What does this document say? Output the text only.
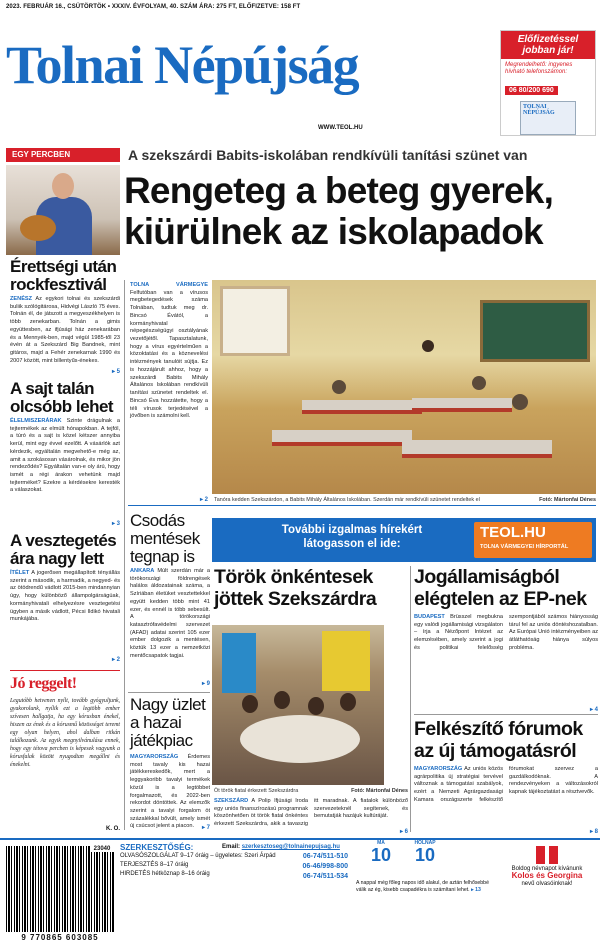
2023. FEBRUÁR 16., CSÜTÖRTÖK • XXXIV. ÉVFOLYAM, 40. SZÁM ÁRA: 275 FT, ELŐFIZETVE: 158 FT
Tolnai Népújság
WWW.TEOL.HU
Előfizetéssel jobban jár!
Megrendelhető: ingyenes hívható telefonszámon:
06 80/200 690
TOLNAI NÉPÚJSÁG
EGY PERCBEN	A szekszárdi Babits-iskolában rendkívüli tanítási szünet van
Rengeteg a beteg gyerek,
kiürülnek az iskolapadok
Érettségi után rockfesztivál
ZENÉSZ Az egykori tolnai és szekszárdi buliik szólógitárosa, Hidvégi László 75 éves. Tolnán él, de játszott a megyeszékhelyen is több zenekarban. Tolnán a gimis együttesben, az ifjúsági ház zenekarában és a Mennyék-ben, majd végül 1985-től 23 évén át a Szekszárd Big Bandnek, mint gitáros, majd a Fehér zenekarnak 1990 és 2007 között, mint billentyűs-énekes.
▸ 5
A sajt talán olcsóbb lehet
ÉLELMISZERÁRAK Szinte drágulnak a tejtermékek az elmúlt hónapokban. A tejföl, a túró és a sajt is közel kétszer annyiba kerül, mint egy évvel ezelőtt. A vásárlók azt kérdezik, egyáltalán megvehető-e még az, amit a szokásosan vásárolnak, és mikor jön rendeződés? Egyáltalán van-e oly árú, hogy ismét a régi árakon vehetünk majd tejterméket? Ezekre a kérdésekre keresték a válaszokat.
▸ 3
A vesztegetés ára nagy lett
ÍTÉLET A jogerősen megállapított tényállás szerint a második, a harmadik, a negyed- és az ötödrendű vádlott 2015-ben mindannyian úgy, hogy különböző állampolgárságúak, kormányhivatali elhelyezésre vesztegetési ügyben a másik vádlott, Pécsi Ildikó hivatali munkájába.
▸ 2
Jó reggelt!
Legutóbb hetvenen nyílt, tovább gyógyuljunk, gyakorolunk, nyílik ezt a legtöbb ember szívesen hallgatja, ha egy kórusban énekel, hiszen az ének és a kórusmű közösséget teremt egy olyan helyen, ahol dalban ritkán találkozunk. Az egyik megnyilvánulása ennek, hogy egy tétova percben is képesek vagyunk a kórusfalak között nyugodtan megállni és énekelni.
K. O.
TOLNA VÁRMEGYE Felfutóban van a vírusos megbetegedések száma Tolnában, tudtuk meg dr. Bincsó Évától, a kormányhivatal népegészségügyi osztályának vezetőjétől. Tapasztalatunk, hogy a vírus egyértelműen a közoktatási és a köznevelési intézmények tanulóit sújtja. Ez is hozzájárult ahhoz, hogy a szekszárdi Babits Mihály Általános Iskolában rendkívüli tanítási szünetet rendeltek el. Bincsó Éva hozzátette, hogy a téli vírusok terjedésével a jövőben is számolni kell.
▸ 2 Tanóra kedden Szekszárdon, a Babits Mihály Általános Iskolában. Szerdán már rendkívüli szünetet rendeltek el	Fotó: Mártonfai Dénes
Csodás mentések tegnap is
ANKARA Múlt szerdán már a törökországi földrengések halálos áldozatainak száma, a Szíriában életüket vesztettekkel együtt kedden több mint 41 ezer, és ennél is több sebesült. A törökországi katasztrófavédelmi szervezet (AFAD) adatai szerint 105 ezer ember dolgozik a mentésen, köztük 13 ezer a nemzetközi mentőcsapatok tagjai.
▸ 9
Nagy üzlet a hazai játékpiac
MAGYARORSZÁG Érdemes most tavaly kis hazai játékkereskedők, mert a leggyakoribb tavalyi termékek közül is a legtöbbet forgalmazott, és 2022-ben rekordot döntöttek. Az elemzők szerint a tavalyi forgalom öt százalékkal bővült, amely ismét új csúcsot jelent a piacon.	▸ 7
További izgalmas hírekért látogasson el ide:
TEOL.HU
TOLNA VÁRMEGYEI HÍRPORTÁL
Török önkéntesek jöttek Szekszárdra
Öt török fiatal érkezett Szekszárdra	Fotó: Mártonfai Dénes
SZEKSZÁRD A Polip Ifjúsági Iroda egy uniós finanszírozású programnak köszönhetően öt török fiatal önkéntes érkezett Szekszárdra, akik a tavaszig itt maradnak. A fiatalok különböző szervezeteknél segítenek, és bemutatják hazájuk kultúráját.
▸ 6
Jogállamiságból elégtelen az EP-nek
BUDAPEST Brüsszel megbukna egy valódi jogállamisági vizsgálaton – írja a Nézőpont Intézet az elemzésében, amely szerint a jogi és politikai felelősség szempontjából számos hiányosság tárul fel az uniós döntéshozatalban. Az Európai Unió intézményeiben az átláthatóság hiánya súlyos probléma.
▸ 4
Felkészítő fórumok az új támogatásról
MAGYARORSZÁG Az uniós közös agrárpolitika új stratégiai tervével változnak a támogatási szabályok, ezért a Nemzeti Agrárgazdasági Kamara országszerte felkészítő fórumokat szervez a gazdálkodóknak. A rendezvényeken a változásokról kapnak tájékoztatást a résztvevők.
▸ 8
23040
9 770865 603085
SZERKESZTŐSÉG:
OLVASÓSZOLGÁLAT 9–17 óráig – ügyeletes: Szeri Árpád
TERJESZTÉS 8–17 óráig
HIRDETÉS hétköznap 8–16 óráig
Email: szerkesztoseg@tolnainepujsag.hu
06-74/511-510
06-46/998-800
06-74/511-534
MA
10
HOLNAP
10
A nappal még főleg napos idő alakul, de aztán felhősebbé válik az ég, kisebb csapadékra is számítani lehet. ▸ 13
Boldog névnapot kívánunk
Kolos és Georgina
nevű olvasóinknak!
